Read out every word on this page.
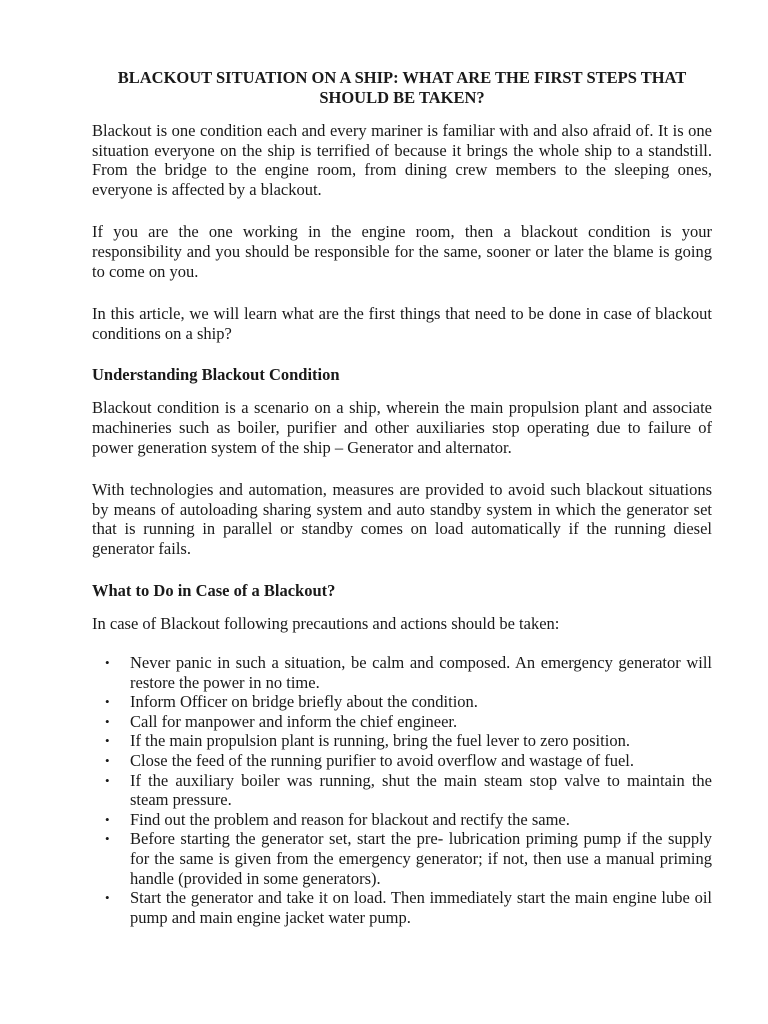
BLACKOUT SITUATION ON A SHIP: WHAT ARE THE FIRST STEPS THAT SHOULD BE TAKEN?

Blackout is one condition each and every mariner is familiar with and also afraid of. It is one situation everyone on the ship is terrified of because it brings the whole ship to a standstill. From the bridge to the engine room, from dining crew members to the sleeping ones, everyone is affected by a blackout.

If you are the one working in the engine room, then a blackout condition is your responsibility and you should be responsible for the same, sooner or later the blame is going to come on you.

In this article, we will learn what are the first things that need to be done in case of blackout conditions on a ship?

Understanding Blackout Condition

Blackout condition is a scenario on a ship, wherein the main propulsion plant and associate machineries such as boiler, purifier and other auxiliaries stop operating due to failure of power generation system of the ship – Generator and alternator.

With technologies and automation, measures are provided to avoid such blackout situations by means of autoloading sharing system and auto standby system in which the generator set that is running in parallel or standby comes on load automatically if the running diesel generator fails.

What to Do in Case of a Blackout?

In case of Blackout following precautions and actions should be taken:

• Never panic in such a situation, be calm and composed. An emergency generator will restore the power in no time.
• Inform Officer on bridge briefly about the condition.
• Call for manpower and inform the chief engineer.
• If the main propulsion plant is running, bring the fuel lever to zero position.
• Close the feed of the running purifier to avoid overflow and wastage of fuel.
• If the auxiliary boiler was running, shut the main steam stop valve to maintain the steam pressure.
• Find out the problem and reason for blackout and rectify the same.
• Before starting the generator set, start the pre- lubrication priming pump if the supply for the same is given from the emergency generator; if not, then use a manual priming handle (provided in some generators).
• Start the generator and take it on load. Then immediately start the main engine lube oil pump and main engine jacket water pump.
